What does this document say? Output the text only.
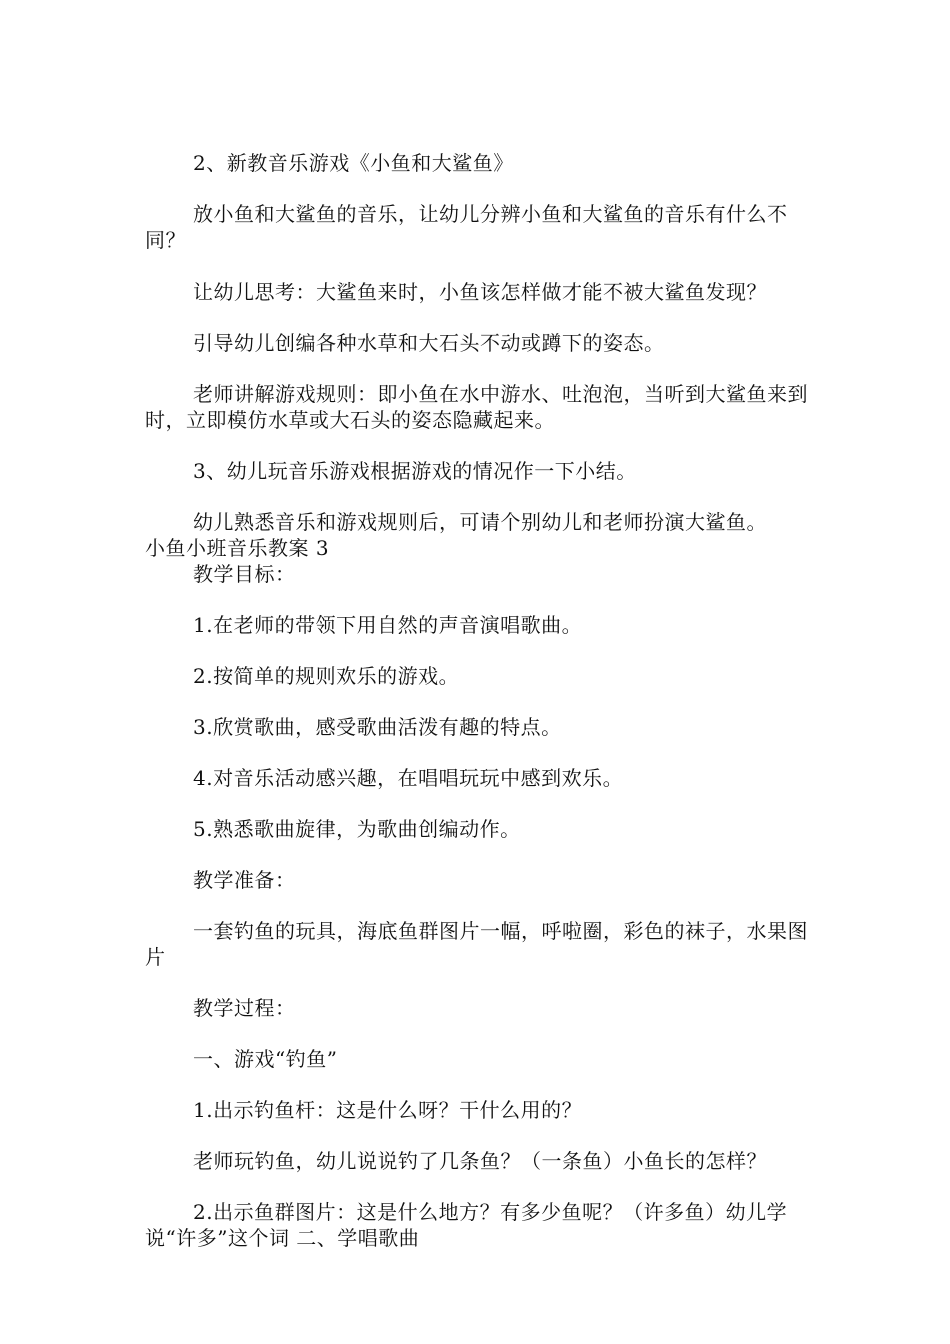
2、新教音乐游戏《小鱼和大鲨鱼》

放小鱼和大鲨鱼的音乐，让幼儿分辨小鱼和大鲨鱼的音乐有什么不同？

让幼儿思考：大鲨鱼来时，小鱼该怎样做才能不被大鲨鱼发现？

引导幼儿创编各种水草和大石头不动或蹲下的姿态。

老师讲解游戏规则：即小鱼在水中游水、吐泡泡，当听到大鲨鱼来到时，立即模仿水草或大石头的姿态隐藏起来。

3、幼儿玩音乐游戏根据游戏的情况作一下小结。

幼儿熟悉音乐和游戏规则后，可请个别幼儿和老师扮演大鲨鱼。

小鱼小班音乐教案 3

教学目标：

1.在老师的带领下用自然的声音演唱歌曲。

2.按简单的规则欢乐的游戏。

3.欣赏歌曲，感受歌曲活泼有趣的特点。

4.对音乐活动感兴趣，在唱唱玩玩中感到欢乐。

5.熟悉歌曲旋律，为歌曲创编动作。

教学准备：

一套钓鱼的玩具，海底鱼群图片一幅，呼啦圈，彩色的袜子，水果图片

教学过程：

一、游戏“钓鱼”

1.出示钓鱼杆：这是什么呀？干什么用的？

老师玩钓鱼，幼儿说说钓了几条鱼？（一条鱼）小鱼长的怎样？

2.出示鱼群图片：这是什么地方？有多少鱼呢？（许多鱼）幼儿学说“许多”这个词 二、学唱歌曲
